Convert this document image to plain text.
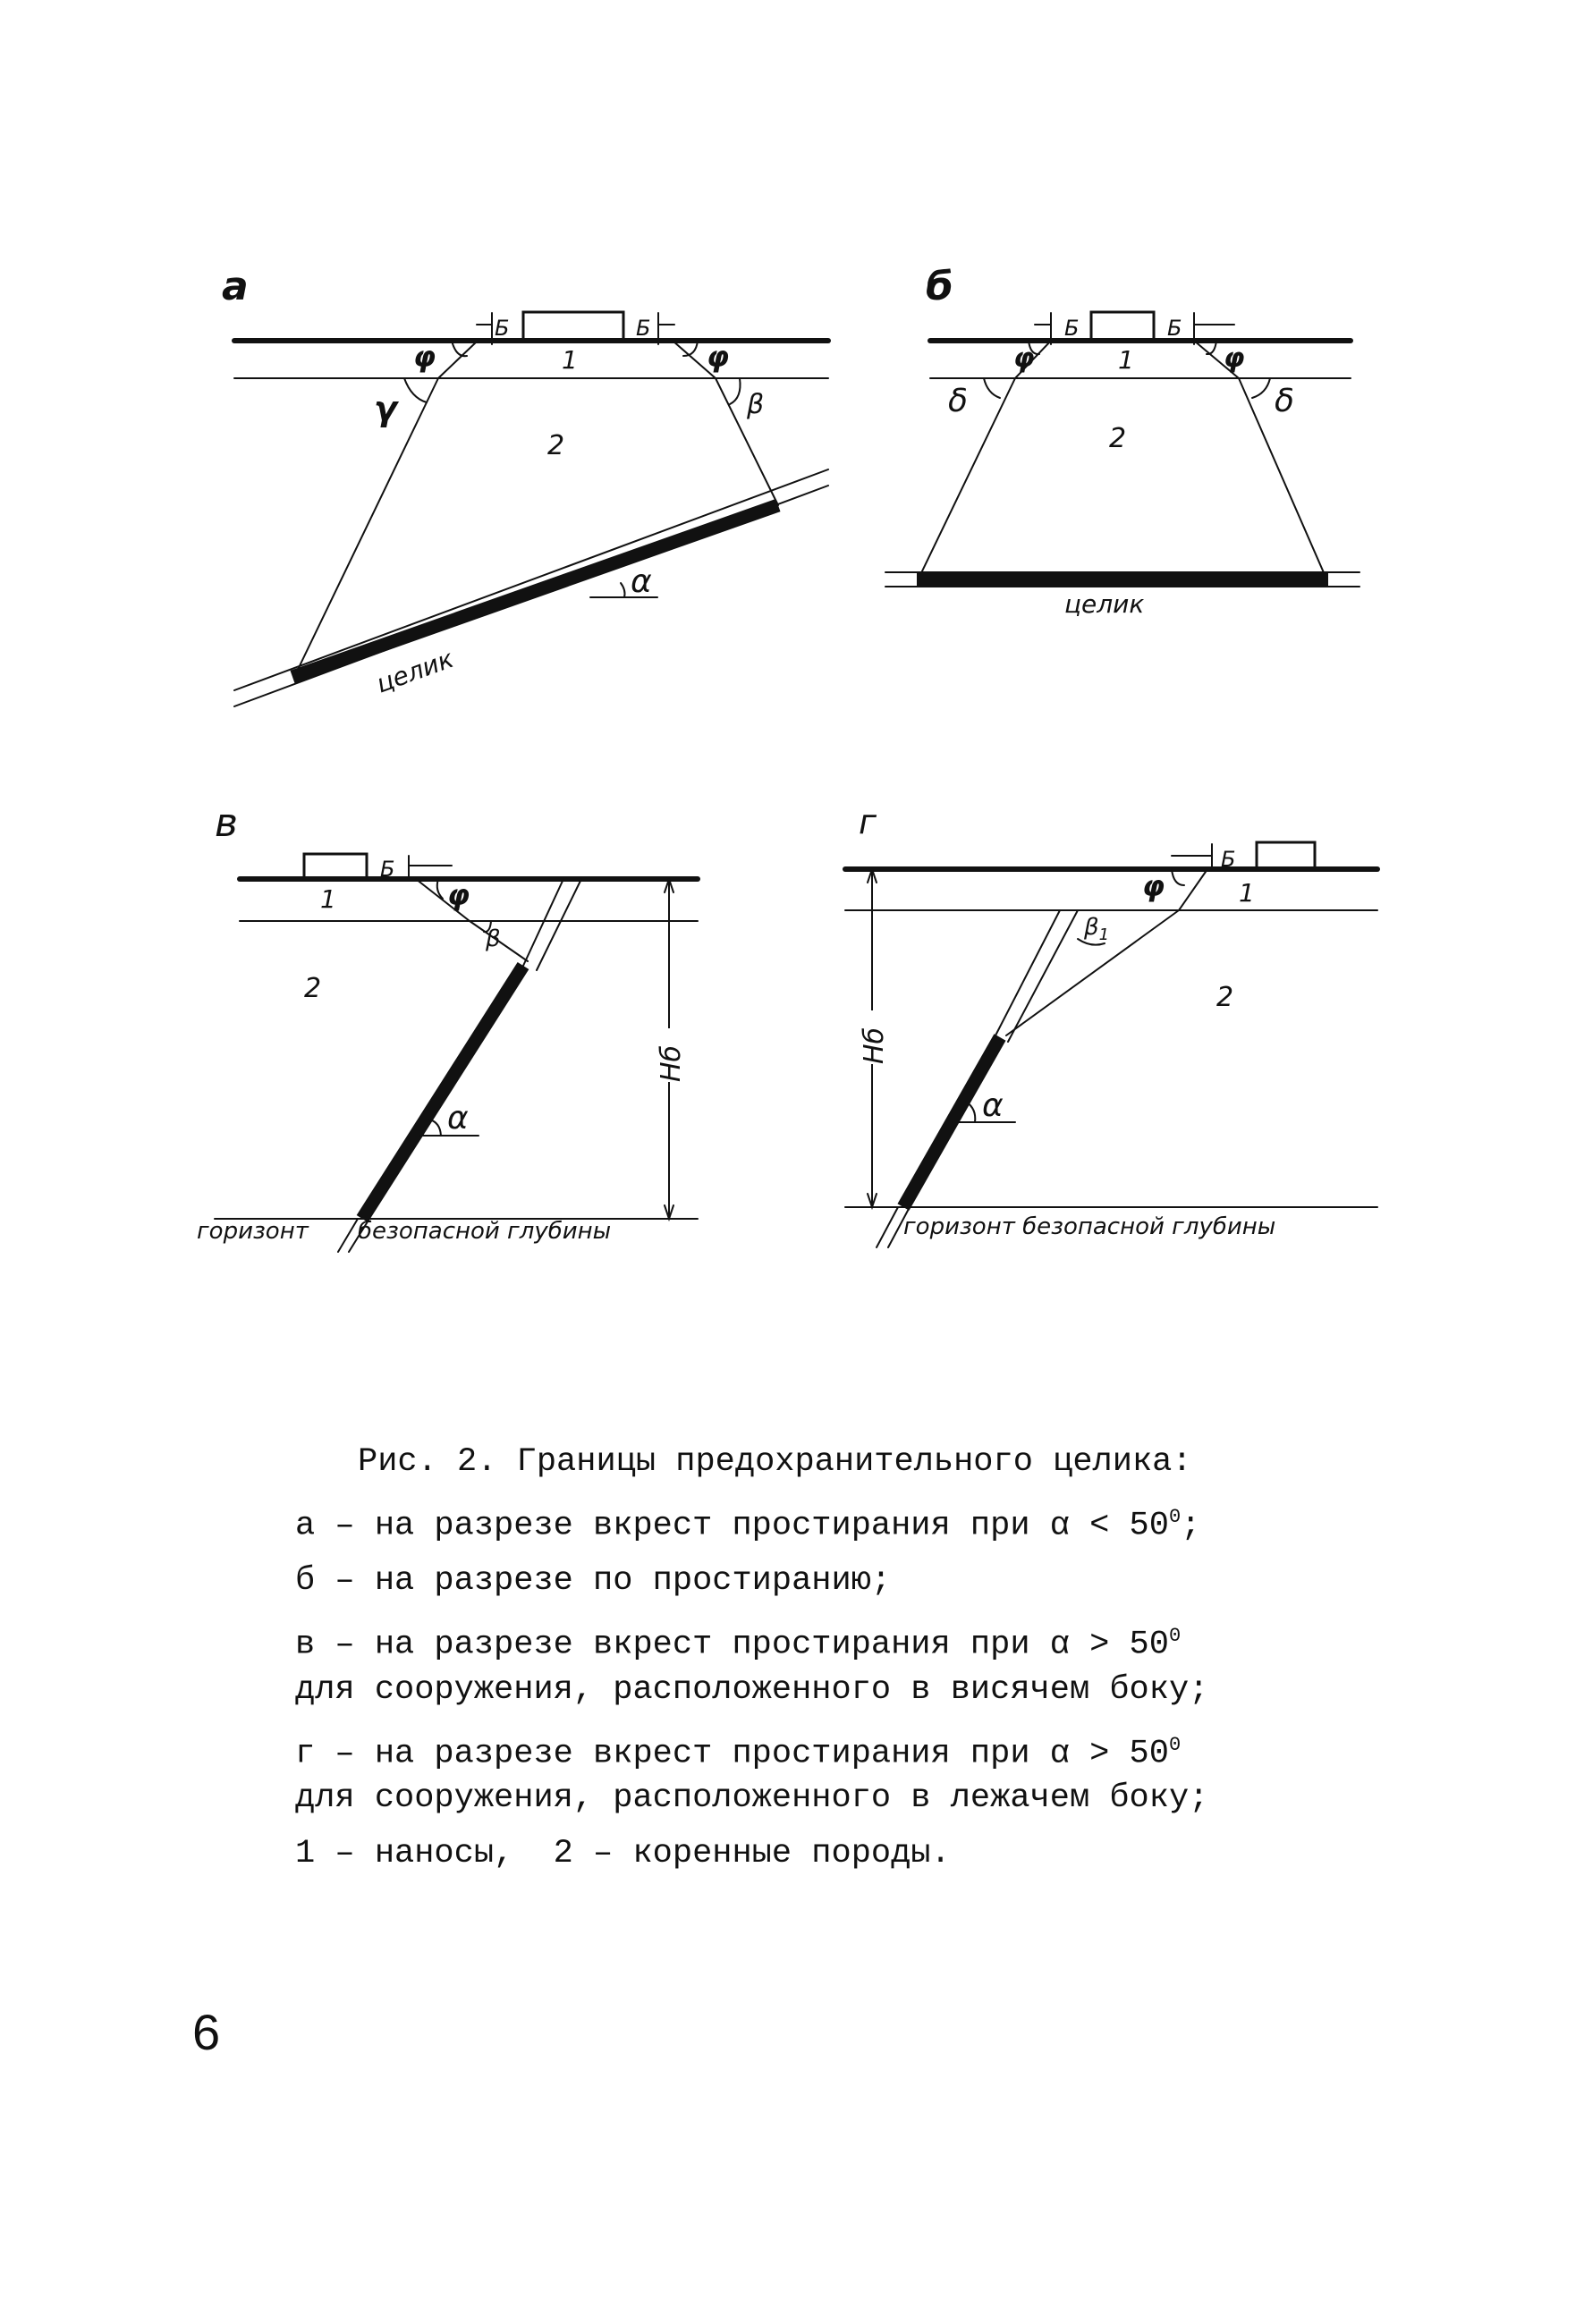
а
Б	Б
φ	φ
1
γ	β
2
α
целик
б
Б	Б
φ	φ
1
δ	δ
2
целик
в
Б
Нб
1	φ
β
2
α
горизонт безопасной глубины
г
Б
Нб
φ	1
$\beta_1$
2
α
горизонт безопасной глубины
Рис. 2. Границы предохранительного целика:
а – на разрезе вкрест простирания при $\alpha < 50^0$;
б – на разрезе по простиранию;
в – на разрезе вкрест простирания при $\alpha > 50^0$
для сооружения, расположенного в висячем боку;
г – на разрезе вкрест простирания при $\alpha > 50^0$
для сооружения, расположенного в лежачем боку;
1 – наносы,  2 – коренные породы.
6
